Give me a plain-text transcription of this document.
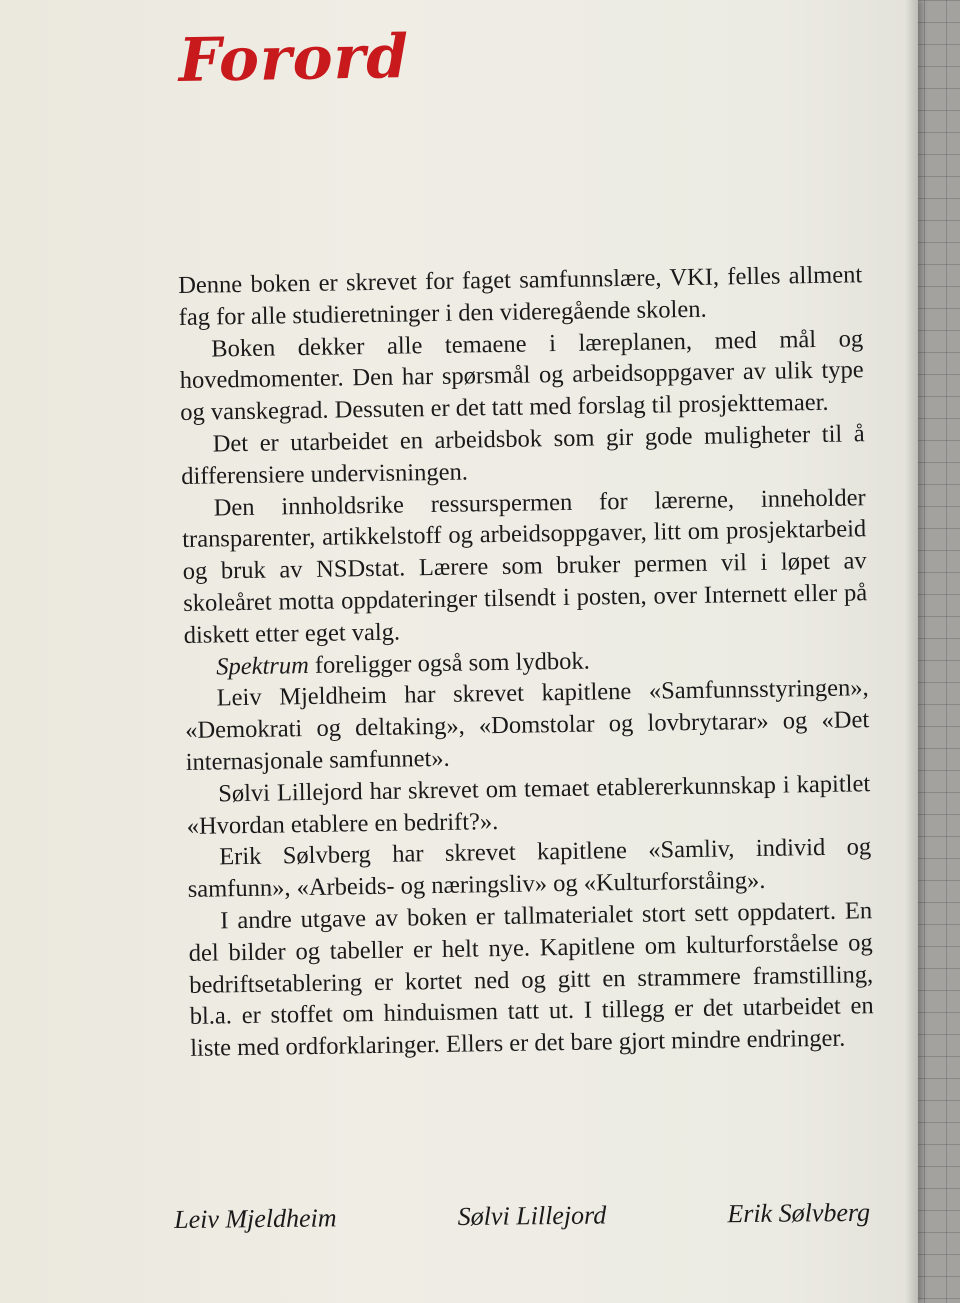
Forord

Denne boken er skrevet for faget samfunnslære, VKI, felles allment fag for alle studieretninger i den videregående skolen.

Boken dekker alle temaene i læreplanen, med mål og hovedmomenter. Den har spørsmål og arbeidsoppgaver av ulik type og vanskegrad. Dessuten er det tatt med forslag til prosjekttemaer.

Det er utarbeidet en arbeidsbok som gir gode muligheter til å differensiere undervisningen.

Den innholdsrike ressurspermen for lærerne, inneholder transparenter, artikkelstoff og arbeidsoppgaver, litt om prosjektarbeid og bruk av NSDstat. Lærere som bruker permen vil i løpet av skoleåret motta oppdateringer tilsendt i posten, over Internett eller på diskett etter eget valg.

Spektrum foreligger også som lydbok.

Leiv Mjeldheim har skrevet kapitlene «Samfunnsstyringen», «Demokrati og deltaking», «Domstolar og lovbrytarar» og «Det internasjonale samfunnet».

Sølvi Lillejord har skrevet om temaet etablererkunnskap i kapitlet «Hvordan etablere en bedrift?».

Erik Sølvberg har skrevet kapitlene «Samliv, individ og samfunn», «Arbeids- og næringsliv» og «Kulturforståing».

I andre utgave av boken er tallmaterialet stort sett oppdatert. En del bilder og tabeller er helt nye. Kapitlene om kulturforståelse og bedriftsetablering er kortet ned og gitt en strammere framstilling, bl.a. er stoffet om hinduismen tatt ut. I tillegg er det utarbeidet en liste med ordforklaringer. Ellers er det bare gjort mindre endringer.

Leiv Mjeldheim	Sølvi Lillejord	Erik Sølvberg
